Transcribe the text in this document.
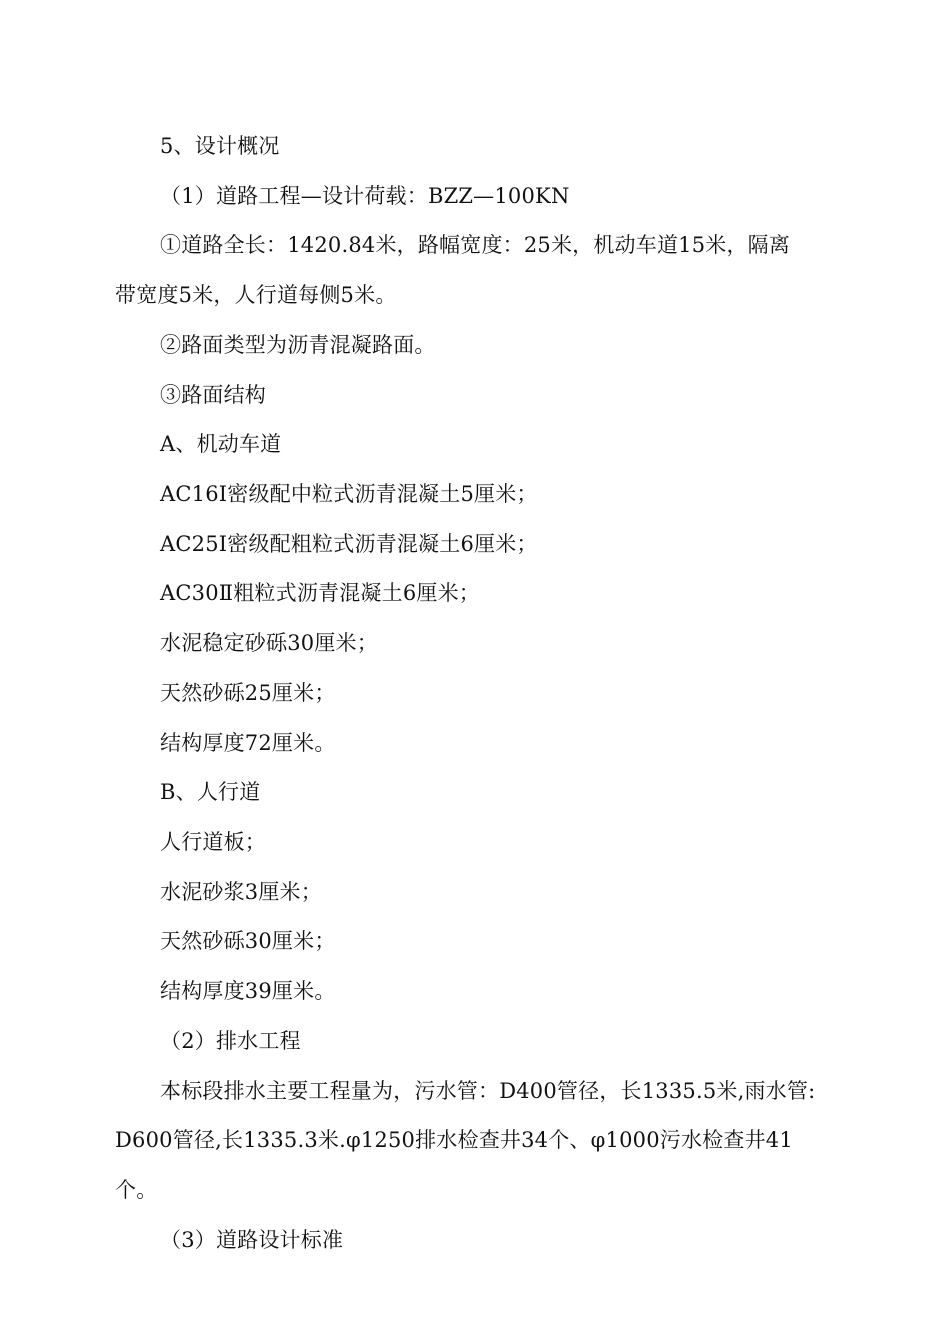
5、设计概况
（1）道路工程—设计荷载：BZZ—100KN
①道路全长：1420.84米，路幅宽度：25米，机动车道15米，隔离
带宽度5米，人行道每侧5米。
②路面类型为沥青混凝路面。
③路面结构
A、机动车道
AC16Ⅰ密级配中粒式沥青混凝土5厘米；
AC25Ⅰ密级配粗粒式沥青混凝土6厘米；
AC30Ⅱ粗粒式沥青混凝土6厘米；
水泥稳定砂砾30厘米；
天然砂砾25厘米；
结构厚度72厘米。
B、人行道
人行道板；
水泥砂浆3厘米；
天然砂砾30厘米；
结构厚度39厘米。
（2）排水工程
本标段排水主要工程量为，污水管：D400管径，长1335.5米,雨水管:
D600管径,长1335.3米.φ1250排水检查井34个、φ1000污水检查井41
个。
（3）道路设计标准
